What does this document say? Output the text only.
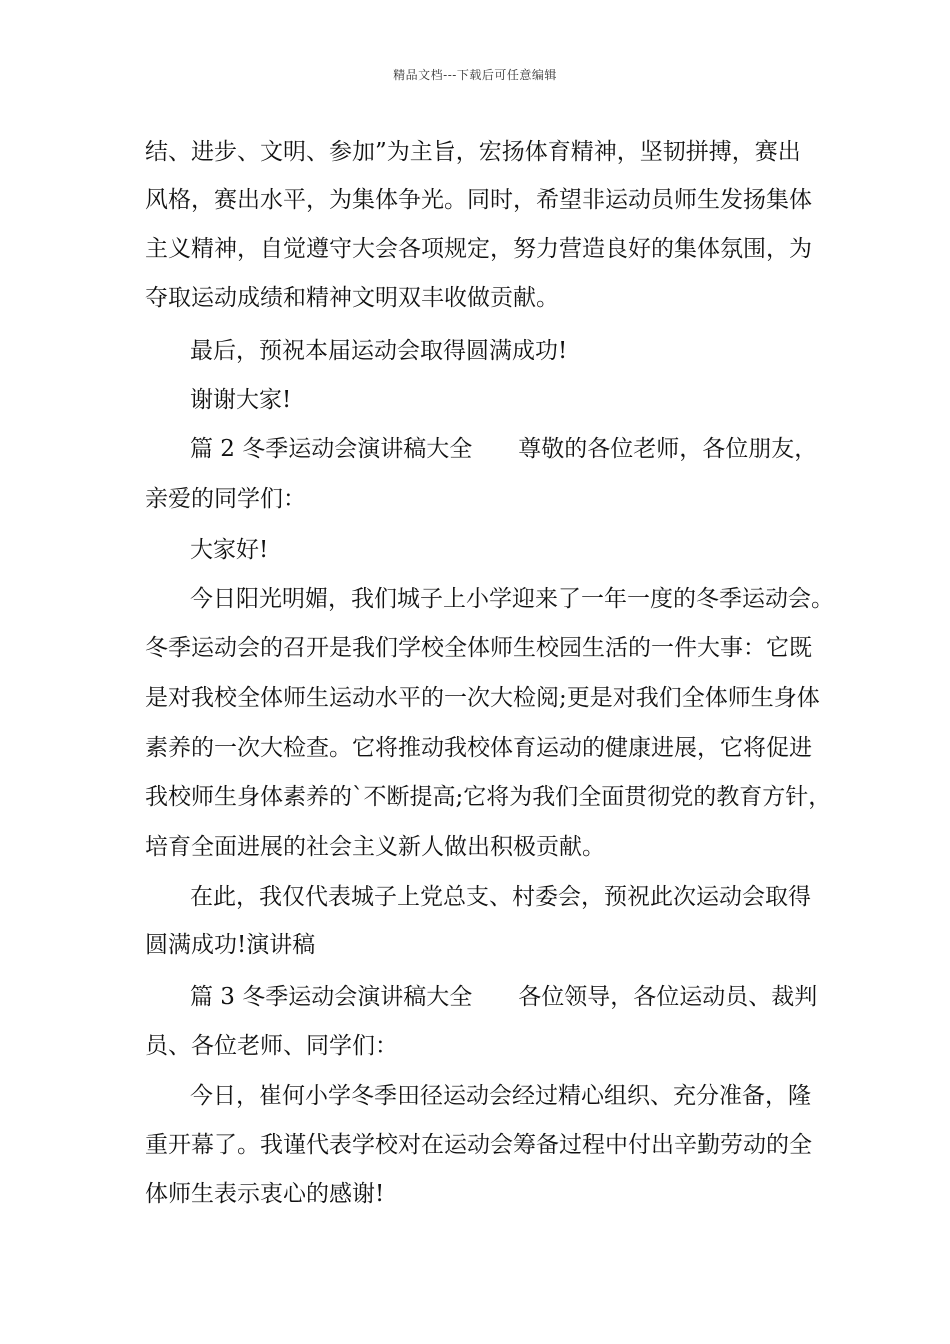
精品文档---下载后可任意编辑
结、进步、文明、参加”为主旨，宏扬体育精神，坚韧拼搏，赛出
风格，赛出水平，为集体争光。同时，希望非运动员师生发扬集体
主义精神，自觉遵守大会各项规定，努力营造良好的集体氛围，为
夺取运动成绩和精神文明双丰收做贡献。
最后，预祝本届运动会取得圆满成功!
谢谢大家!
篇 2 冬季运动会演讲稿大全　　尊敬的各位老师，各位朋友，
亲爱的同学们：
大家好!
今日阳光明媚，我们城子上小学迎来了一年一度的冬季运动会。
冬季运动会的召开是我们学校全体师生校园生活的一件大事：它既
是对我校全体师生运动水平的一次大检阅;更是对我们全体师生身体
素养的一次大检查。它将推动我校体育运动的健康进展，它将促进
我校师生身体素养的`不断提高;它将为我们全面贯彻党的教育方针，
培育全面进展的社会主义新人做出积极贡献。
在此，我仅代表城子上党总支、村委会，预祝此次运动会取得
圆满成功!演讲稿
篇 3 冬季运动会演讲稿大全　　各位领导，各位运动员、裁判
员、各位老师、同学们：
今日，崔何小学冬季田径运动会经过精心组织、充分准备，隆
重开幕了。我谨代表学校对在运动会筹备过程中付出辛勤劳动的全
体师生表示衷心的感谢!
